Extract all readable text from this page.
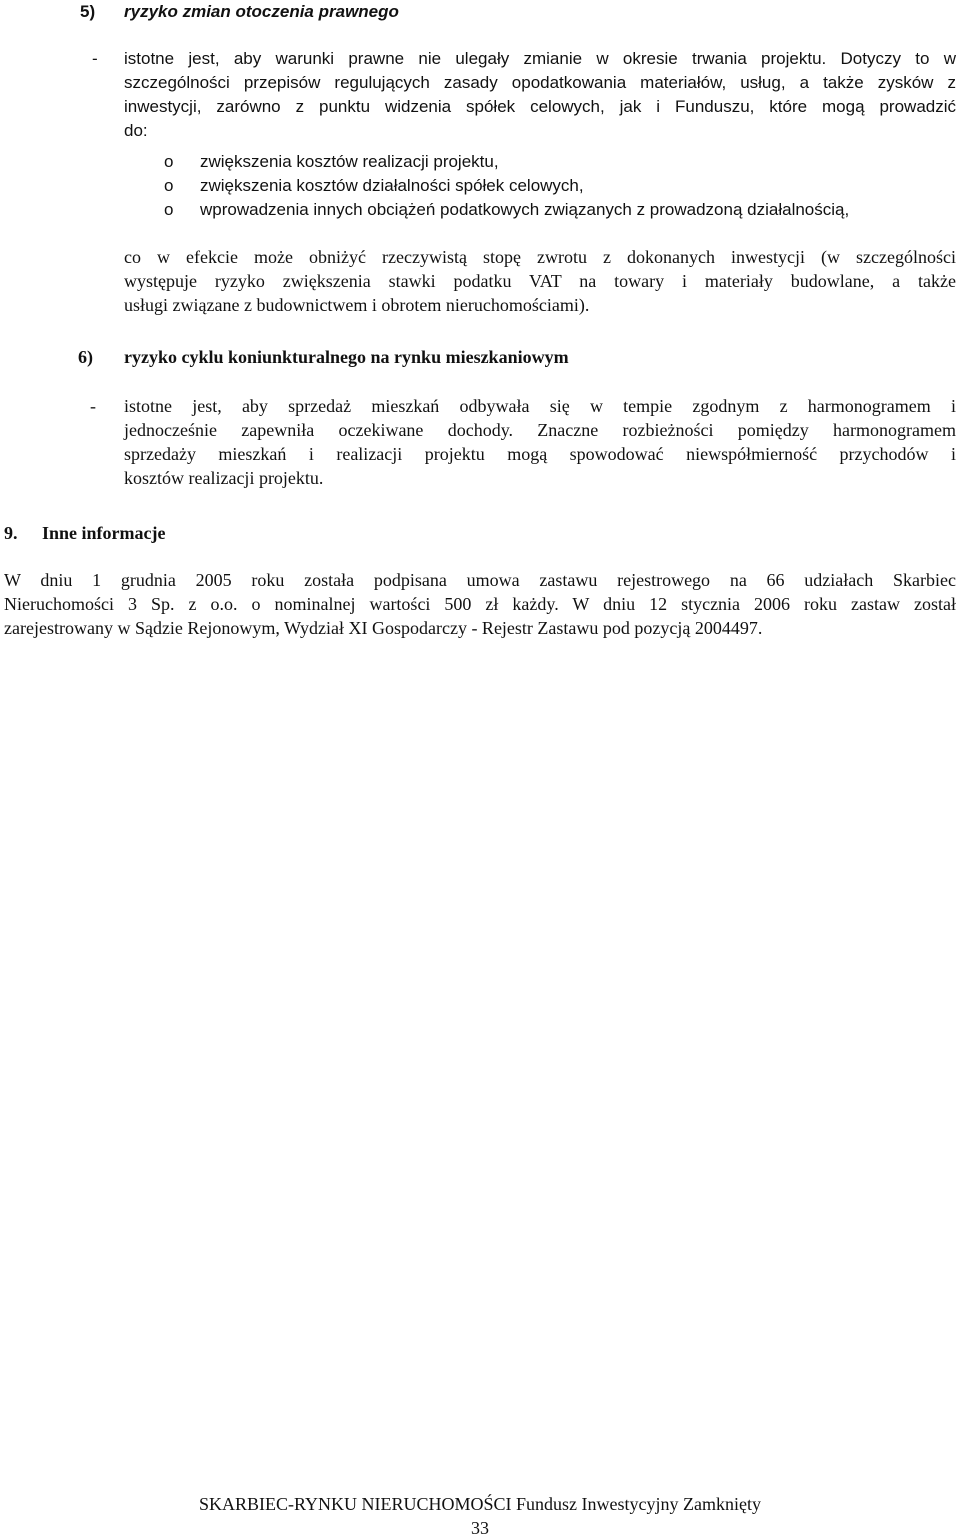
5) ryzyko zmian otoczenia prawnego
- istotne jest, aby warunki prawne nie ulegały zmianie w okresie trwania projektu. Dotyczy to w
szczególności przepisów regulujących zasady opodatkowania materiałów, usług, a także zysków z
inwestycji, zarówno z punktu widzenia spółek celowych, jak i Funduszu, które mogą prowadzić
do:
o zwiększenia kosztów realizacji projektu,
o zwiększenia kosztów działalności spółek celowych,
o wprowadzenia innych obciążeń podatkowych związanych z prowadzoną działalnością,
co w efekcie może obniżyć rzeczywistą stopę zwrotu z dokonanych inwestycji (w szczególności
występuje ryzyko zwiększenia stawki podatku VAT na towary i materiały budowlane, a także
usługi związane z budownictwem i obrotem nieruchomościami).
6) ryzyko cyklu koniunkturalnego na rynku mieszkaniowym
- istotne jest, aby sprzedaż mieszkań odbywała się w tempie zgodnym z harmonogramem i
jednocześnie zapewniła oczekiwane dochody. Znaczne rozbieżności pomiędzy harmonogramem
sprzedaży mieszkań i realizacji projektu mogą spowodować niewspółmierność przychodów i
kosztów realizacji projektu.
9. Inne informacje
W dniu 1 grudnia 2005 roku została podpisana umowa zastawu rejestrowego na 66 udziałach Skarbiec
Nieruchomości 3 Sp. z o.o. o nominalnej wartości 500 zł każdy. W dniu 12 stycznia 2006 roku zastaw został
zarejestrowany w Sądzie Rejonowym, Wydział XI Gospodarczy - Rejestr Zastawu pod pozycją 2004497.
SKARBIEC-RYNKU NIERUCHOMOŚCI Fundusz Inwestycyjny Zamknięty
33
